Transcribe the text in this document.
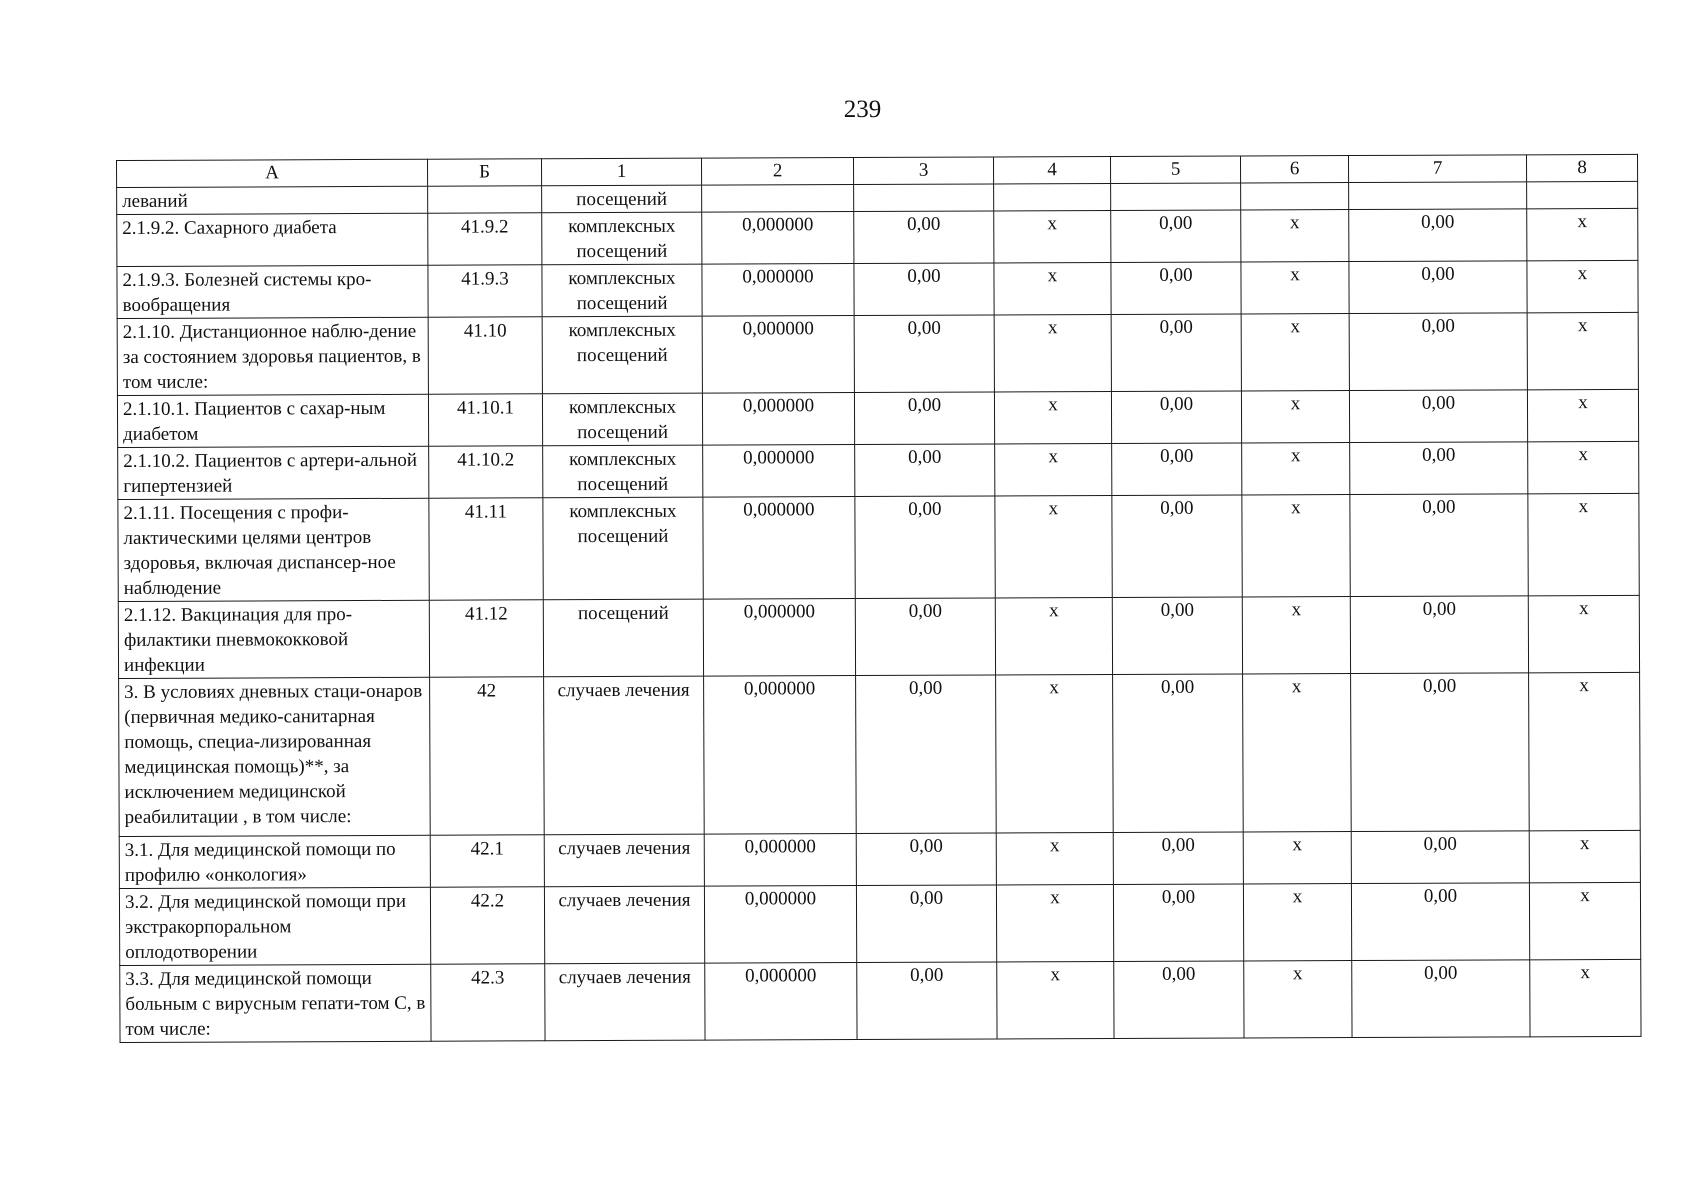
239
А	Б	1	2	3	4	5	6	7	8
леваний		посещений							
2.1.9.2. Сахарного диабета	41.9.2	комплексных посещений	0,000000	0,00	х	0,00	х	0,00	х
2.1.9.3. Болезней системы кро-вообращения	41.9.3	комплексных посещений	0,000000	0,00	х	0,00	х	0,00	х
2.1.10. Дистанционное наблю-дение за состоянием здоровья пациентов, в том числе:	41.10	комплексных посещений	0,000000	0,00	х	0,00	х	0,00	х
2.1.10.1. Пациентов с сахар-ным диабетом	41.10.1	комплексных посещений	0,000000	0,00	х	0,00	х	0,00	х
2.1.10.2. Пациентов с артери-альной гипертензией	41.10.2	комплексных посещений	0,000000	0,00	х	0,00	х	0,00	х
2.1.11. Посещения с профи-лактическими целями центров здоровья, включая диспансер-ное наблюдение	41.11	комплексных посещений	0,000000	0,00	х	0,00	х	0,00	х
2.1.12. Вакцинация для про-филактики пневмококковой инфекции	41.12	посещений	0,000000	0,00	х	0,00	х	0,00	х
3. В условиях дневных стаци-онаров (первичная медико-санитарная помощь, специа-лизированная медицинская помощь)**, за исключением медицинской реабилитации , в том числе:	42	случаев лечения	0,000000	0,00	х	0,00	х	0,00	х
3.1. Для медицинской помощи по профилю «онкология»	42.1	случаев лечения	0,000000	0,00	х	0,00	х	0,00	х
3.2. Для медицинской помощи при экстракорпоральном оплодотворении	42.2	случаев лечения	0,000000	0,00	х	0,00	х	0,00	х
3.3. Для медицинской помощи больным с вирусным гепати-том С, в том числе:	42.3	случаев лечения	0,000000	0,00	х	0,00	х	0,00	х
